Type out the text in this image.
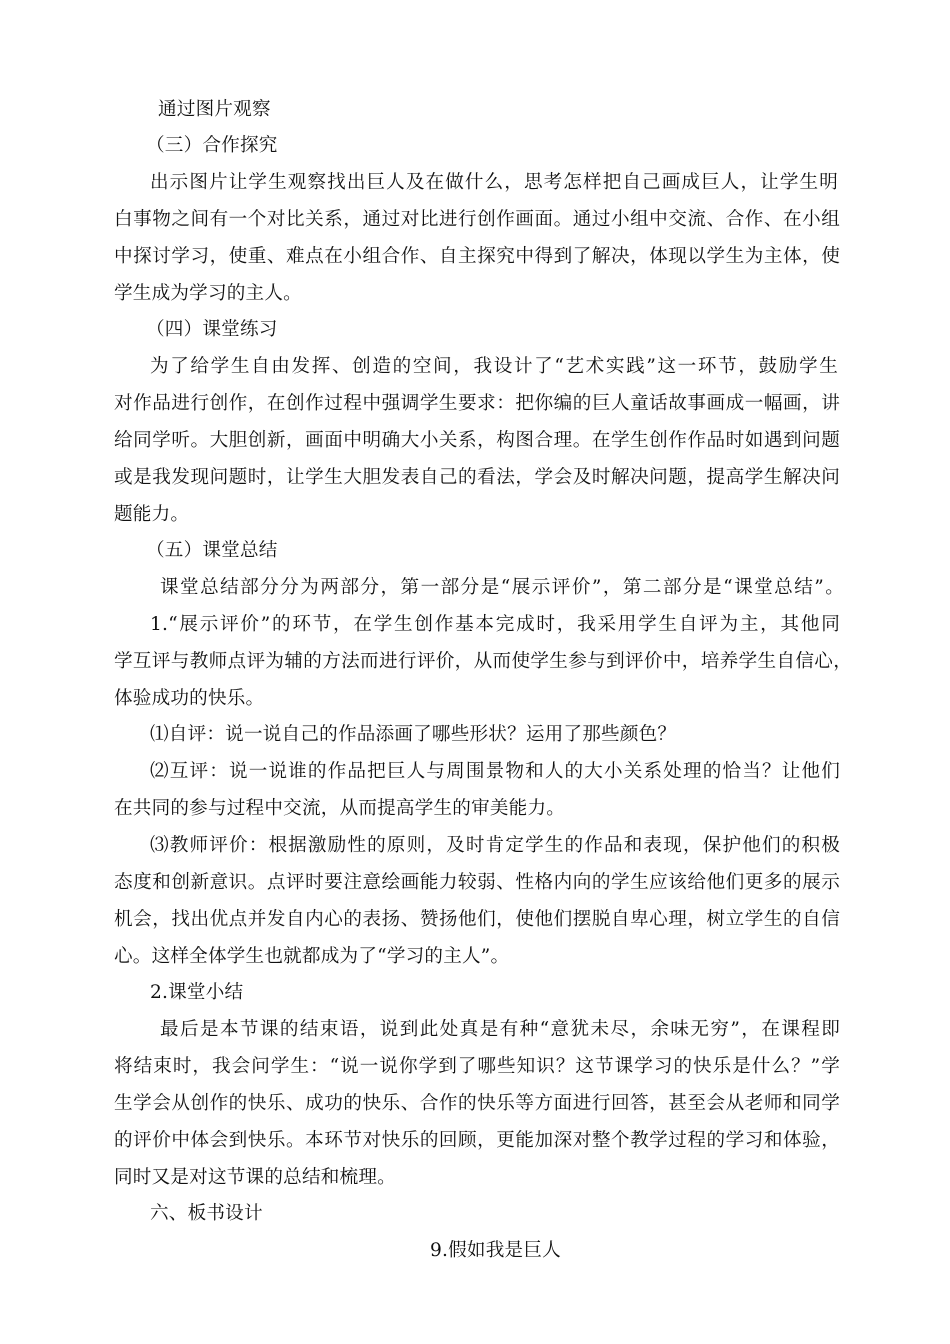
通过图片观察
（三）合作探究
出示图片让学生观察找出巨人及在做什么，思考怎样把自己画成巨人，让学生明
白事物之间有一个对比关系，通过对比进行创作画面。通过小组中交流、合作、在小组
中探讨学习，使重、难点在小组合作、自主探究中得到了解决，体现以学生为主体，使
学生成为学习的主人。
（四）课堂练习
为了给学生自由发挥、创造的空间，我设计了“艺术实践”这一环节，鼓励学生
对作品进行创作，在创作过程中强调学生要求：把你编的巨人童话故事画成一幅画，讲
给同学听。大胆创新，画面中明确大小关系，构图合理。在学生创作作品时如遇到问题
或是我发现问题时，让学生大胆发表自己的看法，学会及时解决问题，提高学生解决问
题能力。
（五）课堂总结
课堂总结部分分为两部分，第一部分是“展示评价”，第二部分是“课堂总结”。
1.“展示评价”的环节，在学生创作基本完成时，我采用学生自评为主，其他同
学互评与教师点评为辅的方法而进行评价，从而使学生参与到评价中，培养学生自信心，
体验成功的快乐。
⑴自评：说一说自己的作品添画了哪些形状？运用了那些颜色？
⑵互评：说一说谁的作品把巨人与周围景物和人的大小关系处理的恰当？让他们
在共同的参与过程中交流，从而提高学生的审美能力。
⑶教师评价：根据激励性的原则，及时肯定学生的作品和表现，保护他们的积极
态度和创新意识。点评时要注意绘画能力较弱、性格内向的学生应该给他们更多的展示
机会，找出优点并发自内心的表扬、赞扬他们，使他们摆脱自卑心理，树立学生的自信
心。这样全体学生也就都成为了“学习的主人”。
2.课堂小结
最后是本节课的结束语，说到此处真是有种“意犹未尽，余味无穷”，在课程即
将结束时，我会问学生：“说一说你学到了哪些知识？这节课学习的快乐是什么？”学
生学会从创作的快乐、成功的快乐、合作的快乐等方面进行回答，甚至会从老师和同学
的评价中体会到快乐。本环节对快乐的回顾，更能加深对整个教学过程的学习和体验，
同时又是对这节课的总结和梳理。
六、板书设计
9.假如我是巨人
